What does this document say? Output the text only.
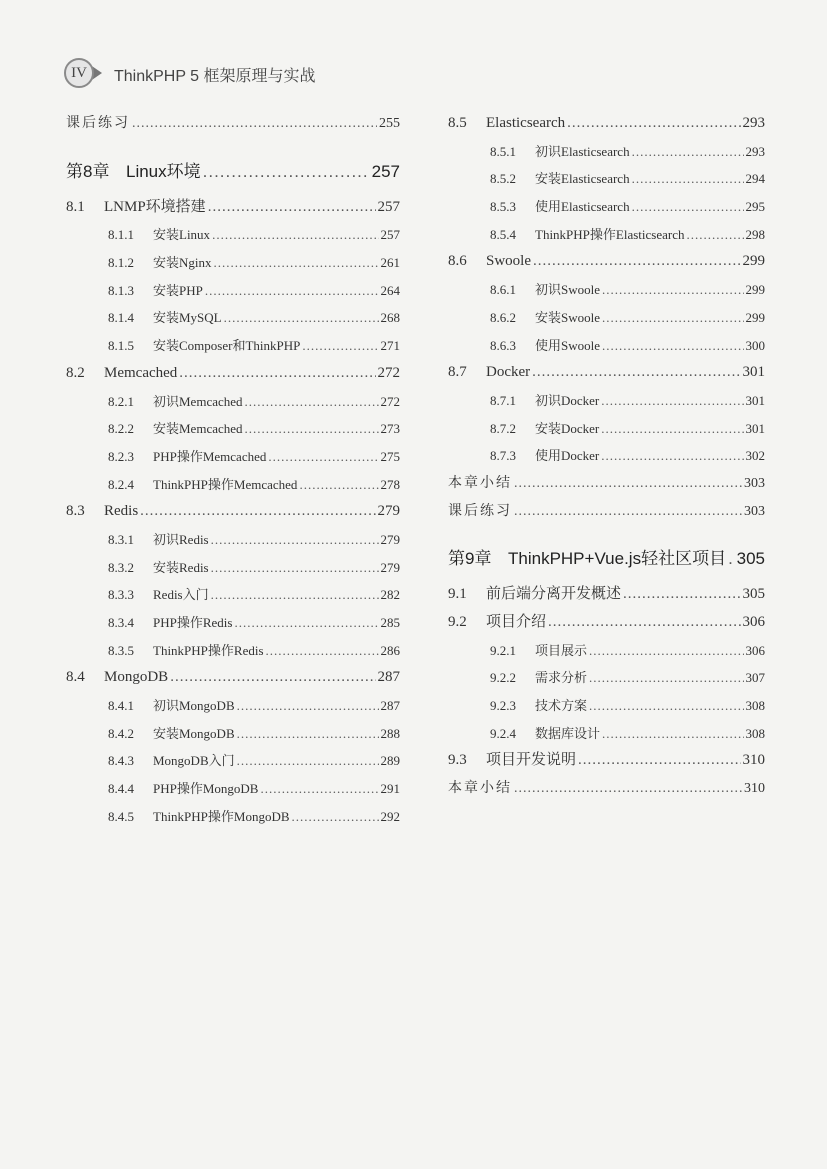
IV	ThinkPHP 5 框架原理与实战
课后练习 .....	255
第8章 Linux环境 .....	257
8.1	LNMP环境搭建 .....	257
8.1.1	安装Linux .....	257
8.1.2	安装Nginx .....	261
8.1.3	安装PHP .....	264
8.1.4	安装MySQL .....	268
8.1.5	安装Composer和ThinkPHP .....	271
8.2	Memcached .....	272
8.2.1	初识Memcached .....	272
8.2.2	安装Memcached .....	273
8.2.3	PHP操作Memcached .....	275
8.2.4	ThinkPHP操作Memcached .....	278
8.3	Redis .....	279
8.3.1	初识Redis .....	279
8.3.2	安装Redis .....	279
8.3.3	Redis入门 .....	282
8.3.4	PHP操作Redis .....	285
8.3.5	ThinkPHP操作Redis .....	286
8.4	MongoDB .....	287
8.4.1	初识MongoDB .....	287
8.4.2	安装MongoDB .....	288
8.4.3	MongoDB入门 .....	289
8.4.4	PHP操作MongoDB .....	291
8.4.5	ThinkPHP操作MongoDB .....	292
8.5	Elasticsearch .....	293
8.5.1	初识Elasticsearch .....	293
8.5.2	安装Elasticsearch .....	294
8.5.3	使用Elasticsearch .....	295
8.5.4	ThinkPHP操作Elasticsearch .....	298
8.6	Swoole .....	299
8.6.1	初识Swoole .....	299
8.6.2	安装Swoole .....	299
8.6.3	使用Swoole .....	300
8.7	Docker .....	301
8.7.1	初识Docker .....	301
8.7.2	安装Docker .....	301
8.7.3	使用Docker .....	302
本章小结 .....	303
课后练习 .....	303
第9章 ThinkPHP+Vue.js轻社区项目 ..... 305
9.1	前后端分离开发概述 .....	305
9.2	项目介绍 .....	306
9.2.1	项目展示 .....	306
9.2.2	需求分析 .....	307
9.2.3	技术方案 .....	308
9.2.4	数据库设计 .....	308
9.3	项目开发说明 .....	310
本章小结 .....	310
